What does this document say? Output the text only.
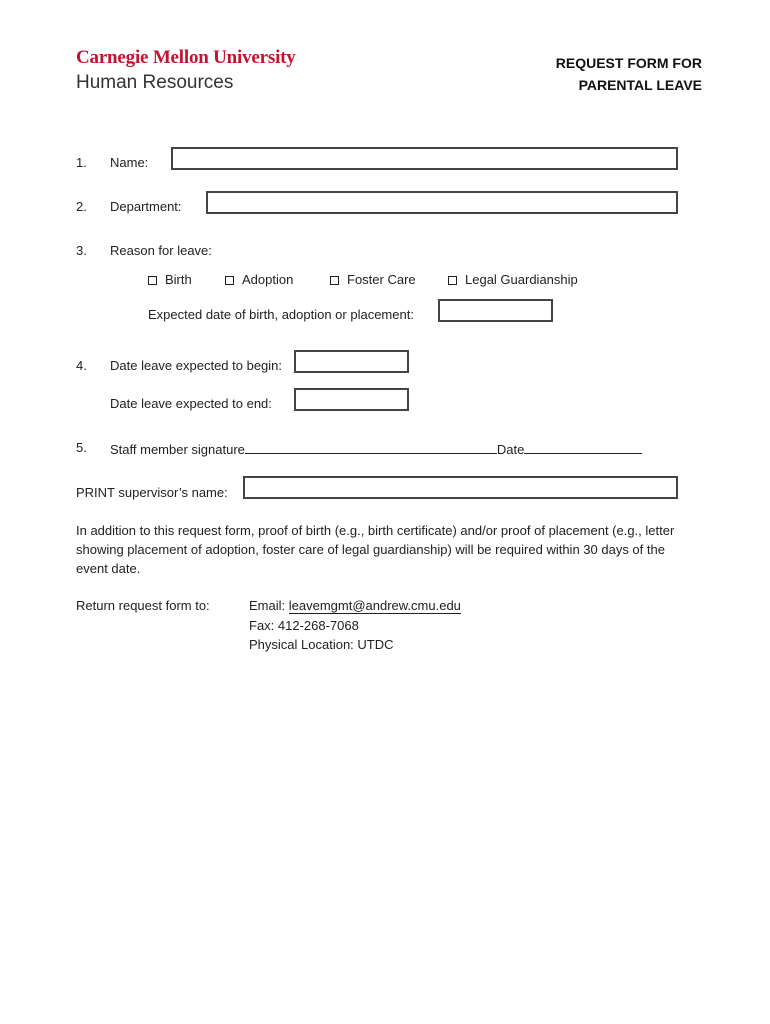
Carnegie Mellon University
Human Resources
REQUEST FORM FOR
PARENTAL LEAVE
1. Name:
2. Department:
3. Reason for leave:
Birth	Adoption	Foster Care	Legal Guardianship
Expected date of birth, adoption or placement:
4. Date leave expected to begin:
Date leave expected to end:
5. Staff member signature	Date
PRINT supervisor’s name:
In addition to this request form, proof of birth (e.g., birth certificate) and/or proof of placement (e.g., letter showing placement of adoption, foster care of legal guardianship) will be required within 30 days of the event date.
Return request form to:	Email: leavemgmt@andrew.cmu.edu
Fax: 412-268-7068
Physical Location: UTDC
